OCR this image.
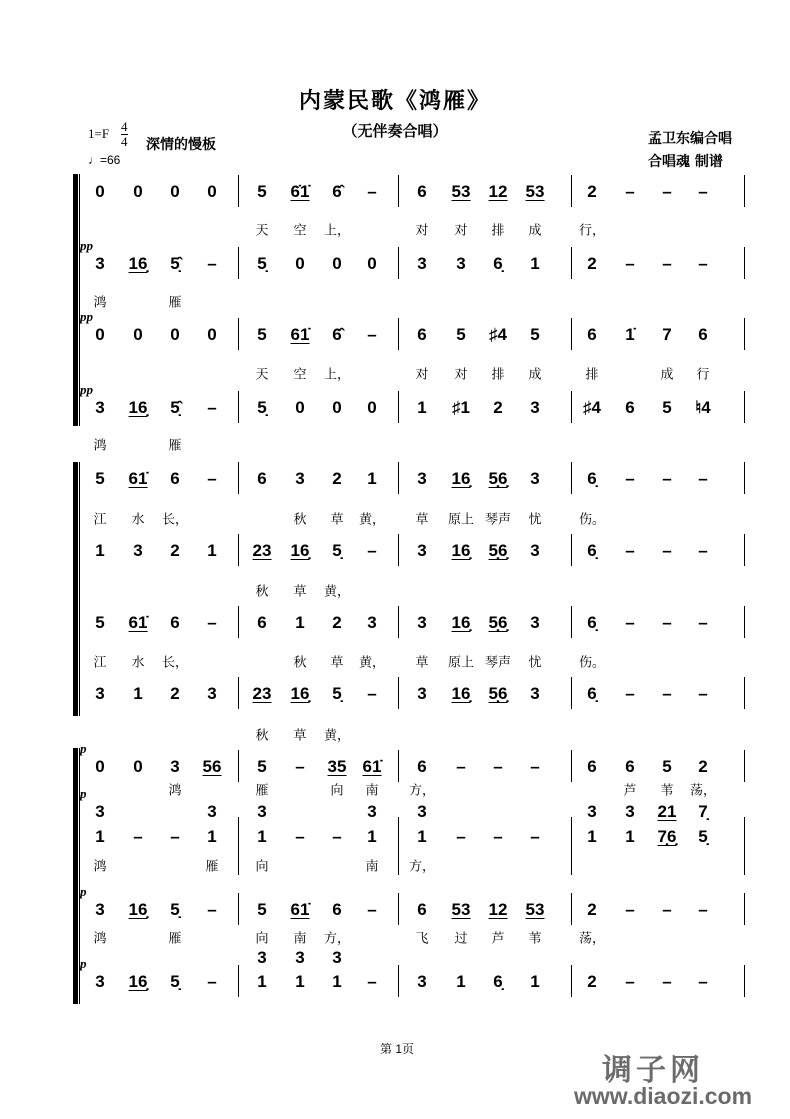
内蒙民歌《鸿雁》
（无伴奏合唱）
1=F 4
4 深情的慢板
♩=66
孟卫东编合唱
合唱魂 制谱
0 0 0 0 5 6̇1̇ 6̂ – 6 53 12 53	2 – – –
天 空 上，	对 对 排 成	行，
3 16̣ 5̣̂ – 5̣ 0 0 0 3 3 6̣ 1	2 – – –
pp
鸿	雁
0 0 0 0 5 61̇ 6̂ – 6 5 ♯4 5	6 1̇ 7 6
pp
天 空 上，	对 对 排 成	排	成 行
3 16̣ 5̣̂ – 5̣ 0 0 0 1 ♯1 2 3	♯4 6 5 ♮4
pp
鸿	雁
5 61̇ 6 – 6 3 2 1 3 16̣ 5̣6̣ 3	6̣ – – –
江 水 长，	秋 草 黄， 草 原上 琴声 忧	伤。
1 3 2 1 23 16̣ 5̣ – 3 16̣ 5̣6̣ 3	6̣ – – –
秋 草 黄，
5 61̇ 6 – 6 1 2 3 3 16̣ 5̣6̣ 3	6̣ – – –
江 水 长，	秋 草 黄， 草 原上 琴声 忧	伤。
3 1 2 3 23 16̣ 5̣ – 3 16̣ 5̣6̣ 3	6̣ – – –
秋 草 黄，
0 0 3 56 5 – 35 61̇ 6 – – –	6 6 5 2
p
鸿	雁	向 南 方，	芦 苇 荡，
3	3 3	3 3	3 3 21 7̣
p
1 – – 1 1 – – 1 1 – – –	1 1 7̣6̣ 5̣
鸿	雁	向	南 方，
3 16̣ 5̣ – 5 61̇ 6 – 6 53 12 53	2 – – –
p
鸿	雁	向 南 方，	飞 过 芦 苇	荡，
3 3 3
3 16̣ 5̣ – 1 1 1 – 3 1 6̣ 1	2 – – –
p
第 1页
调子网
www.diaozi.com
